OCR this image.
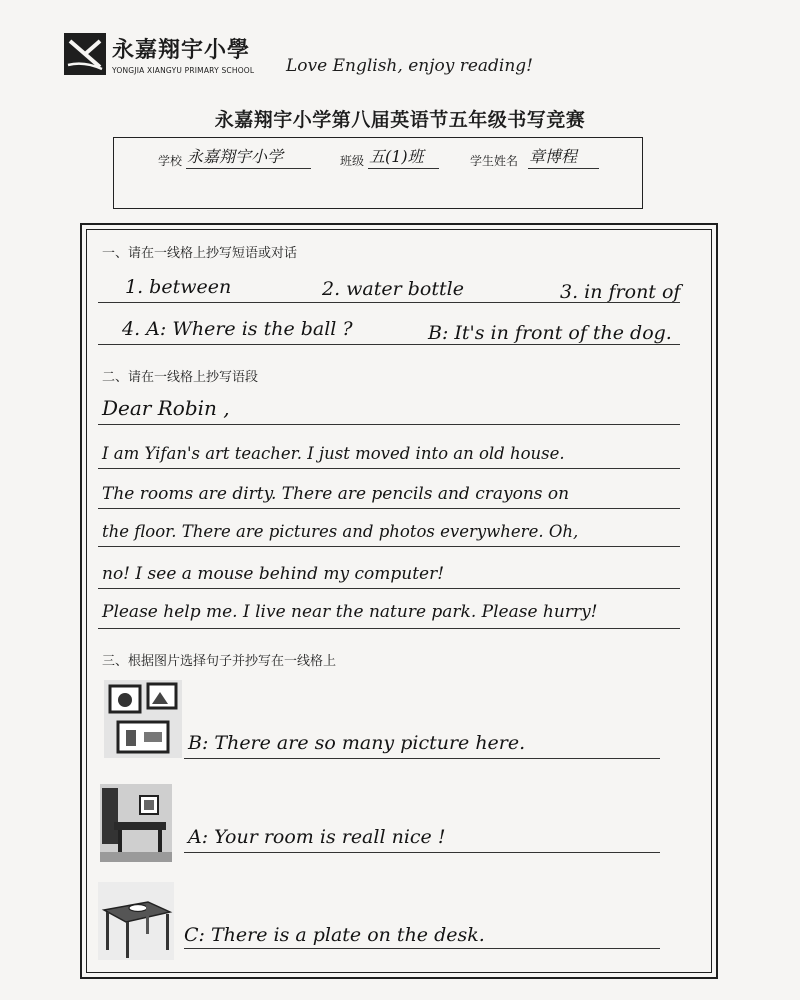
永嘉翔宇小學
YONGJIA XIANGYU PRIMARY SCHOOL Love English, enjoy reading!
永嘉翔宇小学第八届英语节五年级书写竞赛
学校 永嘉翔宇小学	班级 五(1)班	学生姓名 章博程
一、请在一线格上抄写短语或对话
1. between	2. water bottle	3. in front of
4. A: Where is the ball ?	B: It's in front of the dog.
二、请在一线格上抄写语段
Dear Robin ,
I am Yifan's art teacher. I just moved into an old house.
The rooms are dirty. There are pencils and crayons on
the floor. There are pictures and photos everywhere. Oh,
no! I see a mouse behind my computer!
Please help me. I live near the nature park. Please hurry!
三、根据图片选择句子并抄写在一线格上
B: There are so many picture here.
A: Your room is reall nice !
C: There is a plate on the desk.
